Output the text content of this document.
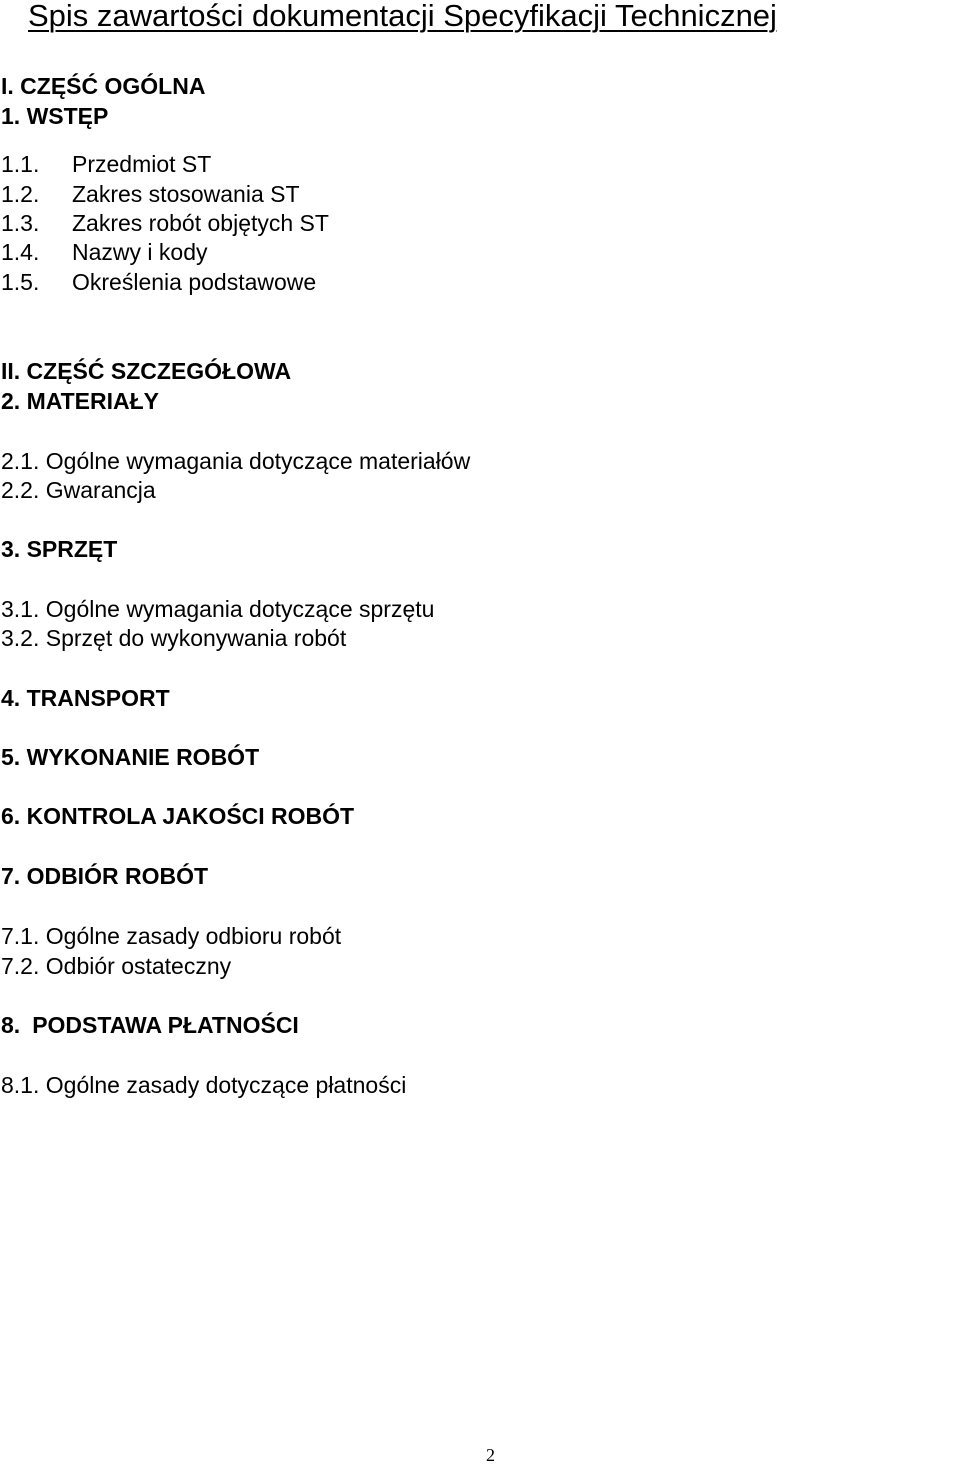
Spis zawartości dokumentacji Specyfikacji Technicznej
I. CZĘŚĆ OGÓLNA
1. WSTĘP
1.1. Przedmiot ST
1.2. Zakres stosowania ST
1.3. Zakres robót objętych ST
1.4. Nazwy i kody
1.5. Określenia podstawowe
II. CZĘŚĆ SZCZEGÓŁOWA
2. MATERIAŁY
2.1. Ogólne wymagania dotyczące materiałów
2.2. Gwarancja
3. SPRZĘT
3.1. Ogólne wymagania dotyczące sprzętu
3.2. Sprzęt do wykonywania robót
4. TRANSPORT
5. WYKONANIE ROBÓT
6. KONTROLA JAKOŚCI ROBÓT
7. ODBIÓR ROBÓT
7.1. Ogólne zasady odbioru robót
7.2. Odbiór ostateczny
8. PODSTAWA PŁATNOŚCI
8.1. Ogólne zasady dotyczące płatności
2
